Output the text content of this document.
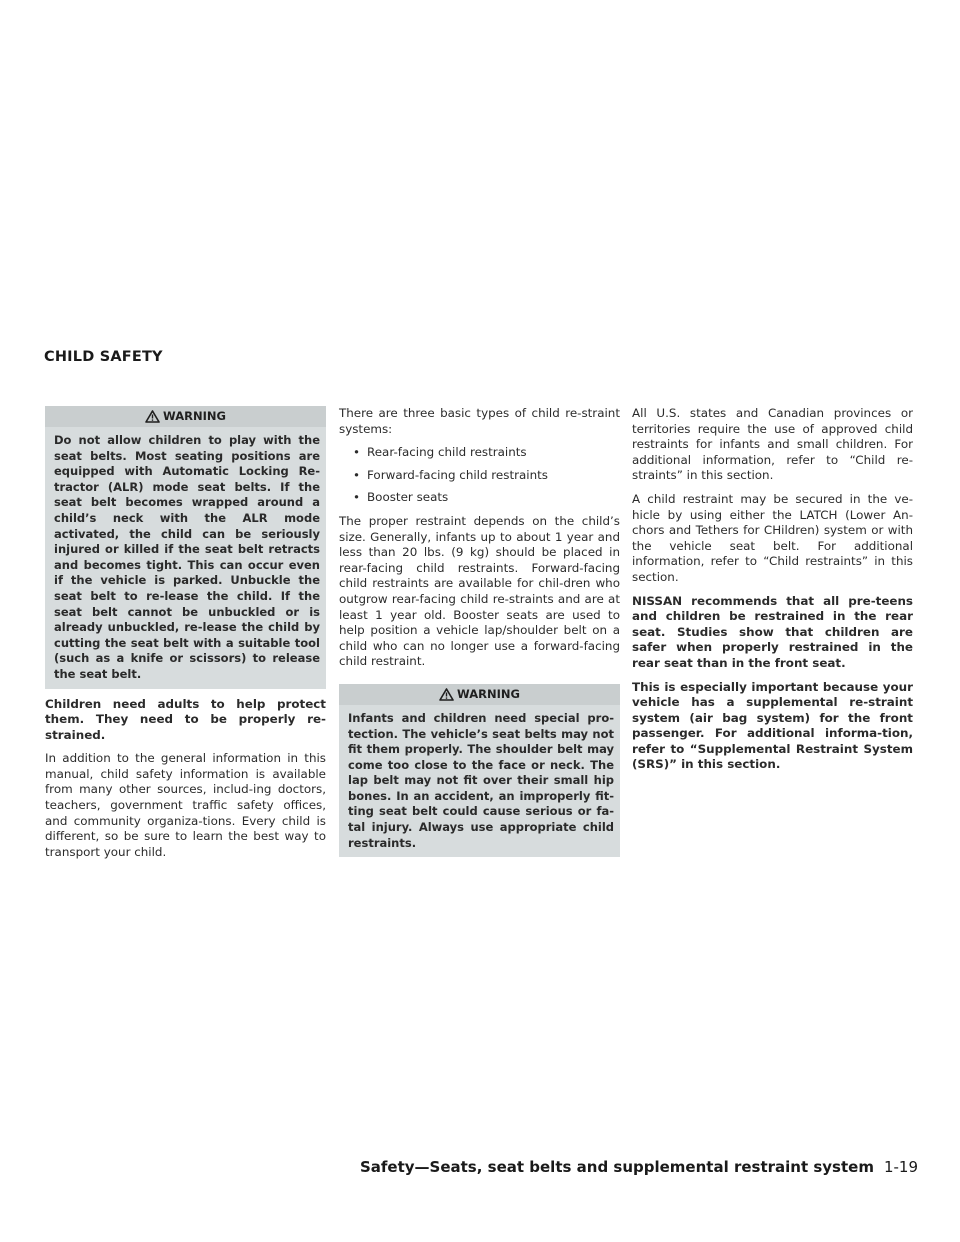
CHILD SAFETY
WARNING
Do not allow children to play with the seat belts. Most seating positions are equipped with Automatic Locking Re-tractor (ALR) mode seat belts. If the seat belt becomes wrapped around a child’s neck with the ALR mode activated, the child can be seriously injured or killed if the seat belt retracts and becomes tight. This can occur even if the vehicle is parked. Unbuckle the seat belt to re-lease the child. If the seat belt cannot be unbuckled or is already unbuckled, re-lease the child by cutting the seat belt with a suitable tool (such as a knife or scissors) to release the seat belt.

Children need adults to help protect them. They need to be properly re-strained.

In addition to the general information in this manual, child safety information is available from many other sources, includ-ing doctors, teachers, government traffic safety offices, and community organiza-tions. Every child is different, so be sure to learn the best way to transport your child.

There are three basic types of child re-straint systems:

• Rear-facing child restraints
• Forward-facing child restraints
• Booster seats

The proper restraint depends on the child’s size. Generally, infants up to about 1 year and less than 20 lbs. (9 kg) should be placed in rear-facing child restraints. Forward-facing child restraints are available for chil-dren who outgrow rear-facing child re-straints and are at least 1 year old. Booster seats are used to help position a vehicle lap/shoulder belt on a child who can no longer use a forward-facing child restraint.

WARNING
Infants and children need special pro-tection. The vehicle’s seat belts may not fit them properly. The shoulder belt may come too close to the face or neck. The lap belt may not fit over their small hip bones. In an accident, an improperly fit-ting seat belt could cause serious or fa-tal injury. Always use appropriate child restraints.

All U.S. states and Canadian provinces or territories require the use of approved child restraints for infants and small children. For additional information, refer to “Child re-straints” in this section.

A child restraint may be secured in the ve-hicle by using either the LATCH (Lower An-chors and Tethers for CHildren) system or with the vehicle seat belt. For additional information, refer to “Child restraints” in this section.

NISSAN recommends that all pre-teens and children be restrained in the rear seat. Studies show that children are safer when properly restrained in the rear seat than in the front seat.

This is especially important because your vehicle has a supplemental re-straint system (air bag system) for the front passenger. For additional informa-tion, refer to “Supplemental Restraint System (SRS)” in this section.

Safety—Seats, seat belts and supplemental restraint system 1-19
